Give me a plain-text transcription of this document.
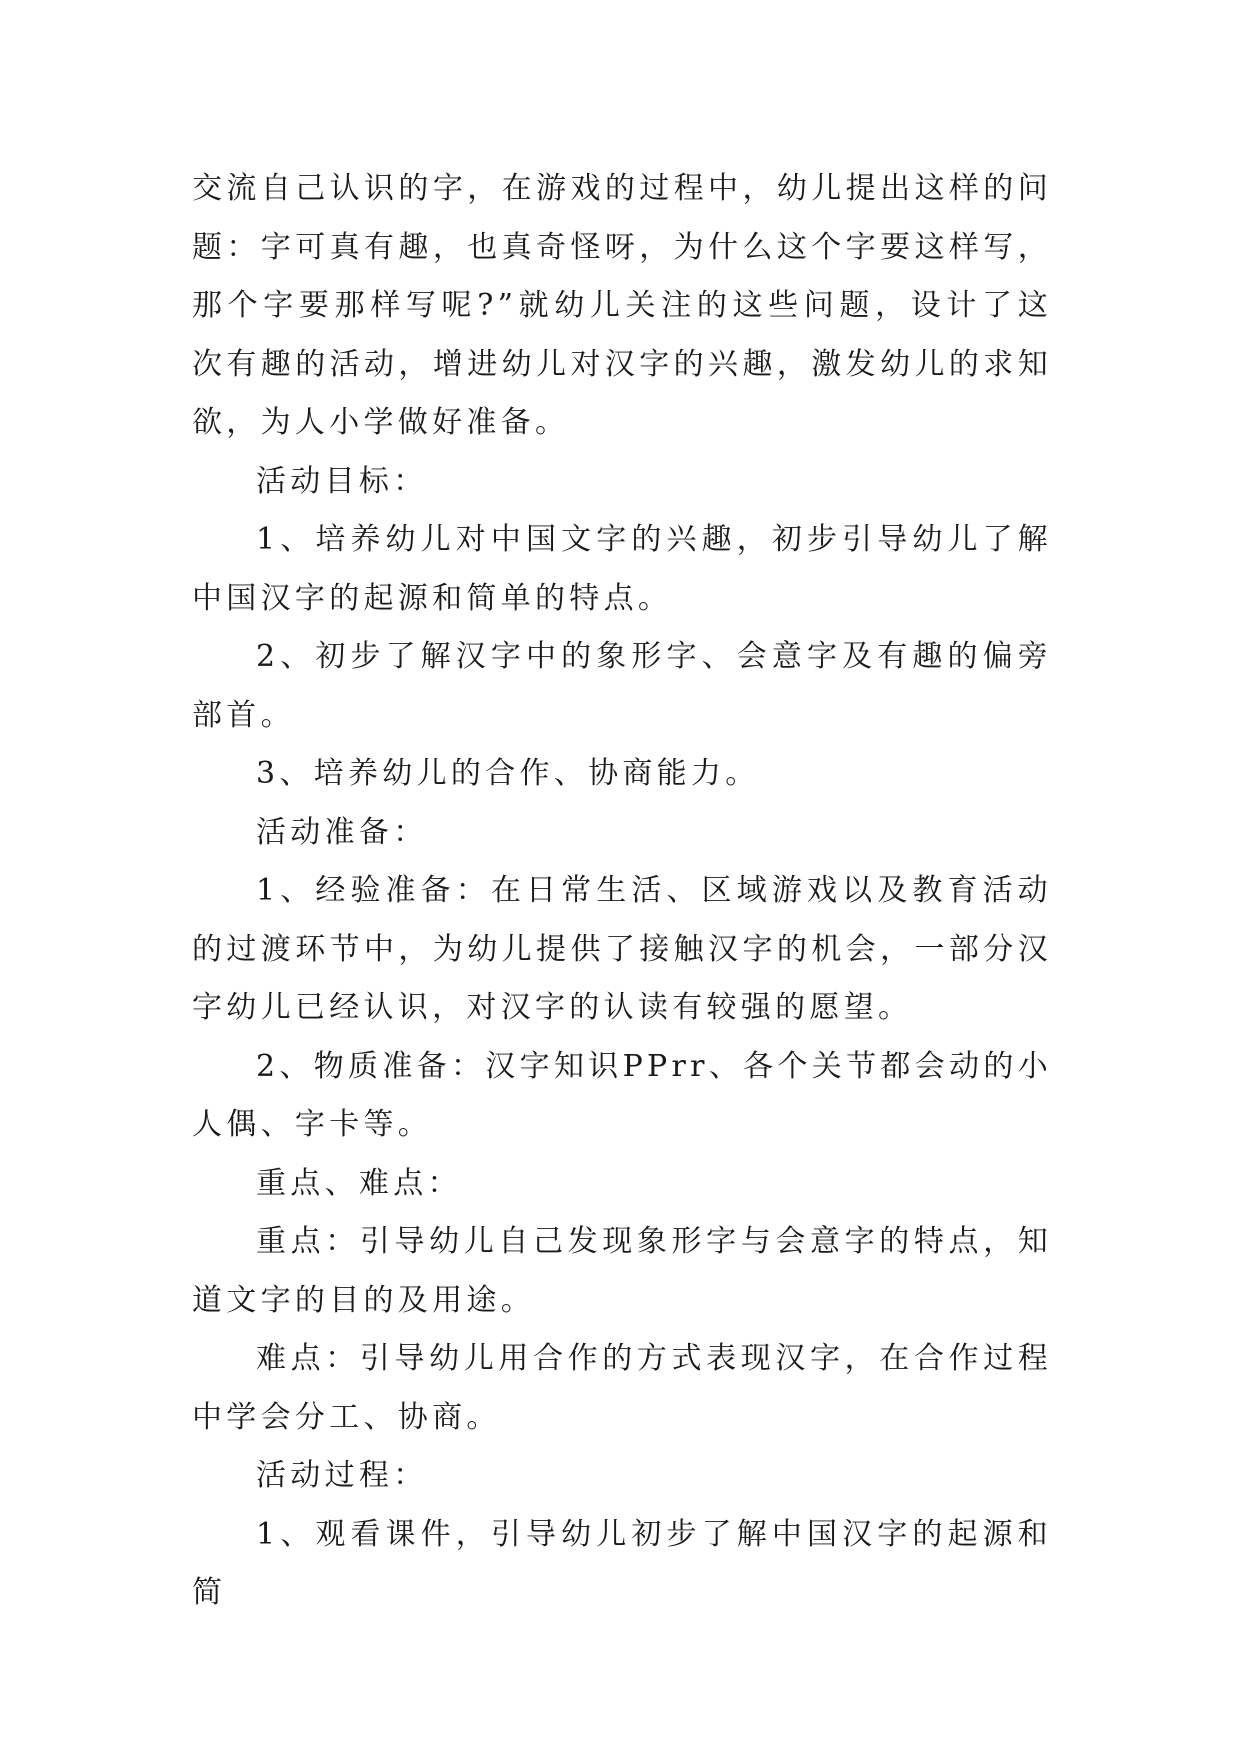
交流自己认识的字，在游戏的过程中，幼儿提出这样的问题：字可真有趣，也真奇怪呀，为什么这个字要这样写，那个字要那样写呢?”就幼儿关注的这些问题，设计了这次有趣的活动，增进幼儿对汉字的兴趣，激发幼儿的求知欲，为人小学做好准备。

活动目标：

1、培养幼儿对中国文字的兴趣，初步引导幼儿了解中国汉字的起源和简单的特点。

2、初步了解汉字中的象形字、会意字及有趣的偏旁部首。

3、培养幼儿的合作、协商能力。

活动准备：

1、经验准备：在日常生活、区域游戏以及教育活动的过渡环节中，为幼儿提供了接触汉字的机会，一部分汉字幼儿已经认识，对汉字的认读有较强的愿望。

2、物质准备：汉字知识PPrr、各个关节都会动的小人偶、字卡等。

重点、难点：

重点：引导幼儿自己发现象形字与会意字的特点，知道文字的目的及用途。

难点：引导幼儿用合作的方式表现汉字，在合作过程中学会分工、协商。

活动过程：

1、观看课件，引导幼儿初步了解中国汉字的起源和简
